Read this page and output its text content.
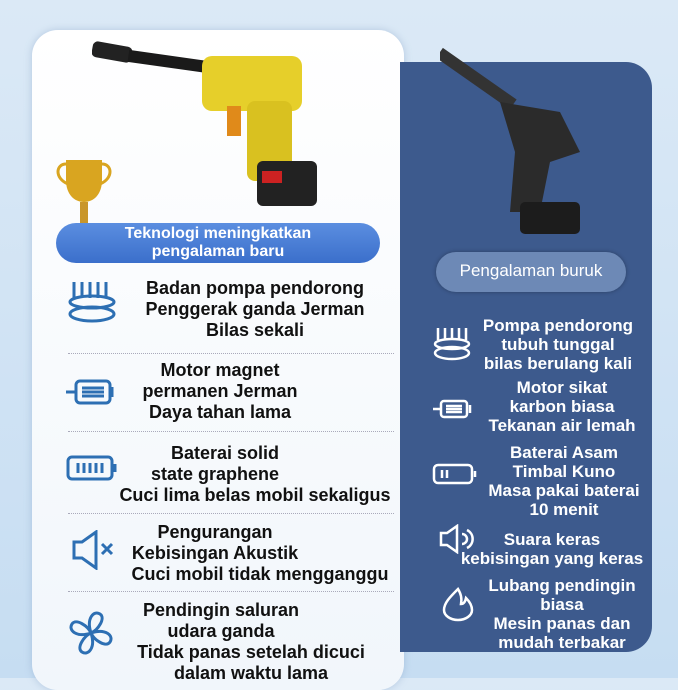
Teknologi meningkatkan
pengalaman baru
Pengalaman buruk
Badan pompa pendorong
Penggerak ganda Jerman
Bilas sekali
Motor magnet
permanen Jerman
Daya tahan lama
Baterai solid
state graphene
Cuci lima belas mobil sekaligus
Pengurangan
Kebisingan Akustik
Cuci mobil tidak mengganggu
Pendingin saluran
udara ganda
Tidak panas setelah dicuci
dalam waktu lama
Pompa pendorong
tubuh tunggal
bilas berulang kali
Motor sikat
karbon biasa
Tekanan air lemah
Baterai Asam
Timbal Kuno
Masa pakai baterai
10 menit
Suara keras
kebisingan yang keras
Lubang pendingin
biasa
Mesin panas dan
mudah terbakar
